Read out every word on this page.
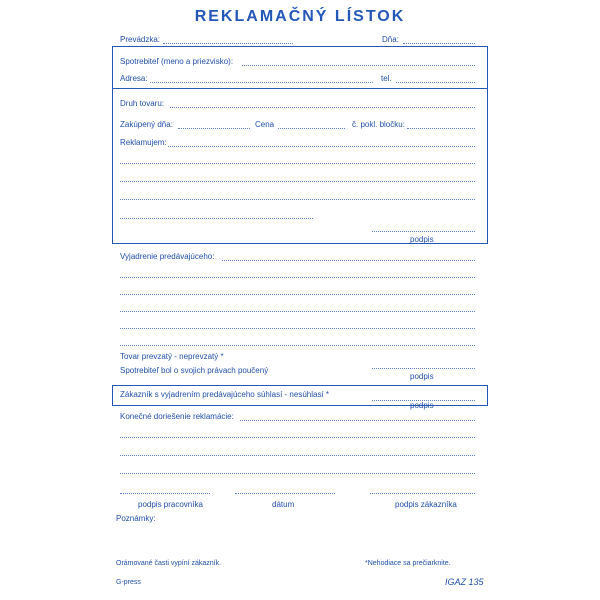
REKLAMAČNÝ LÍSTOK
Prevádzka:	Dňa:
Spotrebiteľ (meno a priezvisko):
Adresa:	tel.
Druh tovaru:
Zakúpený dňa:	Cena	č. pokl. bločku:
Reklamujem:
podpis
Vyjadrenie predávajúceho:
Tovar prevzatý - neprevzatý *
Spotrebiteľ bol o svojich právach poučený
podpis
Zákazník s vyjadrením predávajúceho súhlasí - nesúhlasí *
podpis
Konečné doriešenie reklamácie:
podpis pracovníka	dátum	podpis zákazníka
Poznámky:
Orámované časti vypíní zákazník.	*Nehodiace sa prečiarknite.
G-press	IGAZ 135
